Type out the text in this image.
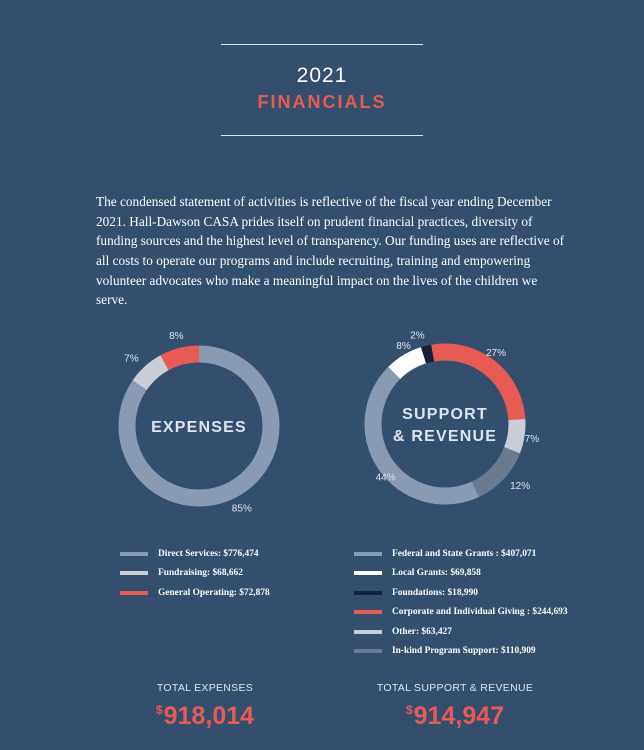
2021
FINANCIALS

The condensed statement of activities is reflective of the fiscal year ending December 2021. Hall-Dawson CASA prides itself on prudent financial practices, diversity of funding sources and the highest level of transparency. Our funding uses are reflective of all costs to operate our programs and include recruiting, training and empowering volunteer advocates who make a meaningful impact on the lives of the children we serve.

85%
7%
8%
EXPENSES
44%
8%
2%
27%
7%
12%
SUPPORT
& REVENUE
Direct Services: $776,474
Fundraising: $68,662
General Operating: $72,878
Federal and State Grants : $407,071
Local Grants: $69,858
Foundations: $18,990
Corporate and Individual Giving : $244,693
Other: $63,427
In-kind Program Support: $110,909
TOTAL EXPENSES
$918,014
TOTAL SUPPORT & REVENUE
$914,947
